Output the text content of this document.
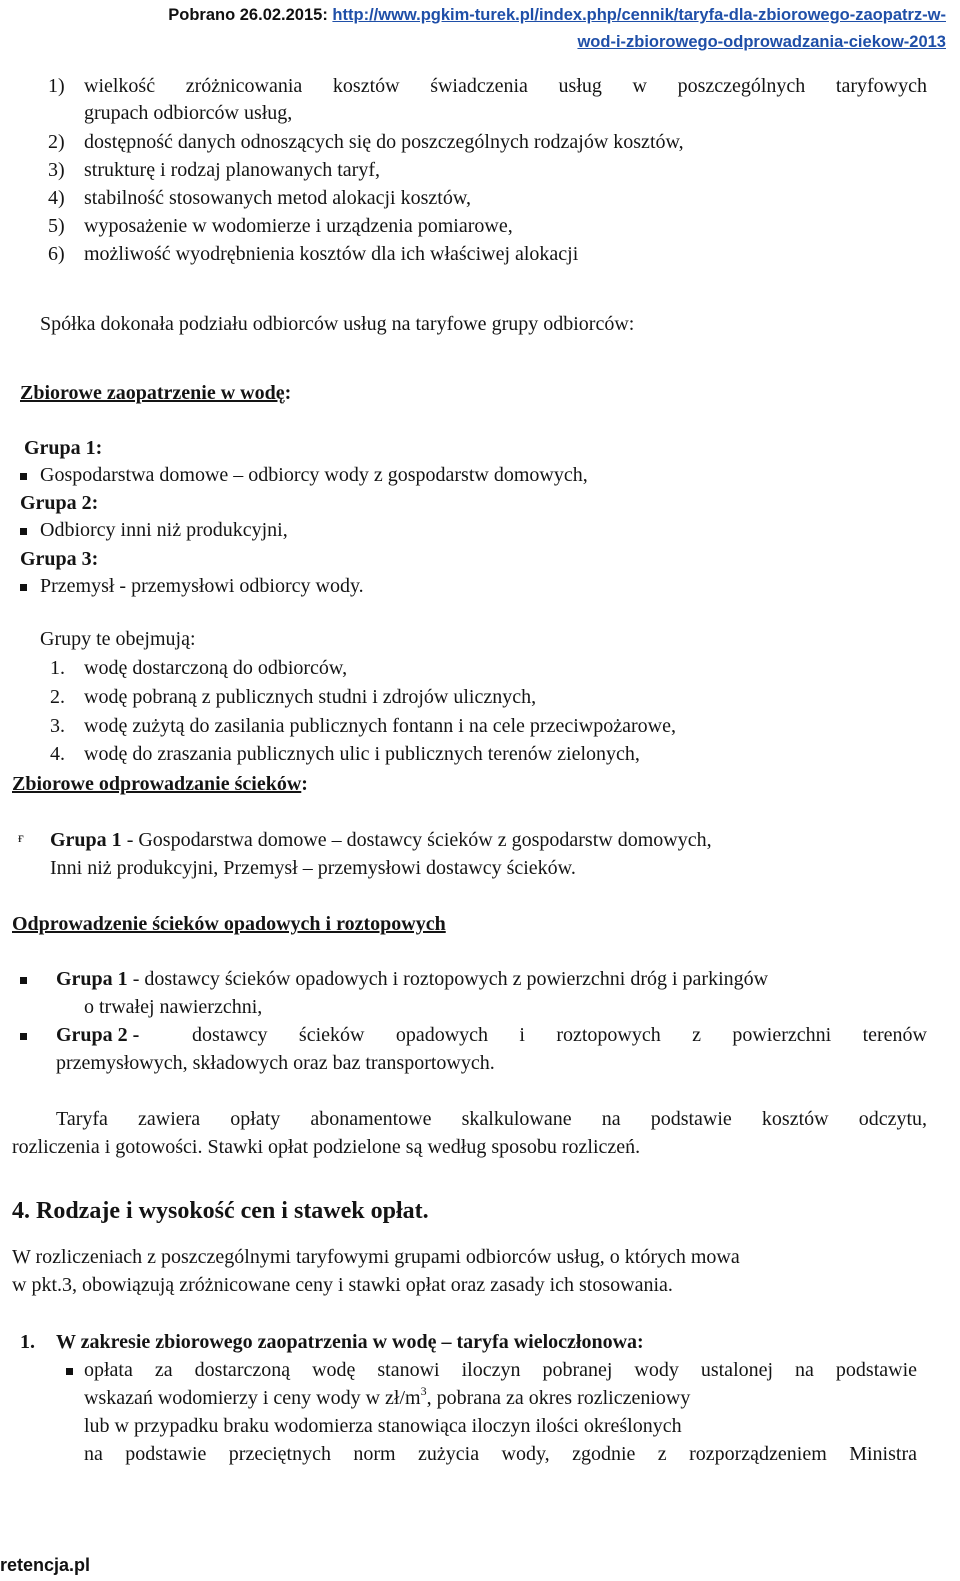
Pobrano 26.02.2015: http://www.pgkim-turek.pl/index.php/cennik/taryfa-dla-zbiorowego-zaopatrz-w-
wod-i-zbiorowego-odprowadzania-ciekow-2013
1) wielkość zróżnicowania kosztów świadczenia usług w poszczególnych taryfowych
grupach odbiorców usług,
2) dostępność danych odnoszących się do poszczególnych rodzajów kosztów,
3) strukturę i rodzaj planowanych taryf,
4) stabilność stosowanych metod alokacji kosztów,
5) wyposażenie w wodomierze i urządzenia pomiarowe,
6) możliwość wyodrębnienia kosztów dla ich właściwej alokacji
Spółka dokonała podziału odbiorców usług na taryfowe grupy odbiorców:
Zbiorowe zaopatrzenie w wodę:
Grupa 1:
Gospodarstwa domowe – odbiorcy wody z gospodarstw domowych,
Grupa 2:
Odbiorcy inni niż produkcyjni,
Grupa 3:
Przemysł - przemysłowi odbiorcy wody.
Grupy te obejmują:
1. wodę dostarczoną do odbiorców,
2. wodę pobraną z publicznych studni i zdrojów ulicznych,
3. wodę zużytą do zasilania publicznych fontann i na cele przeciwpożarowe,
4. wodę do zraszania publicznych ulic i publicznych terenów zielonych,
Zbiorowe odprowadzanie ścieków:
ғ Grupa 1 - Gospodarstwa domowe – dostawcy ścieków z gospodarstw domowych,
Inni niż produkcyjni, Przemysł – przemysłowi dostawcy ścieków.
Odprowadzenie ścieków opadowych i roztopowych
Grupa 1 - dostawcy ścieków opadowych i roztopowych z powierzchni dróg i parkingów
o trwałej nawierzchni,
Grupa 2 -	dostawcy ścieków opadowych i roztopowych z powierzchni terenów
przemysłowych, składowych oraz baz transportowych.
Taryfa zawiera opłaty abonamentowe skalkulowane na podstawie kosztów odczytu,
rozliczenia i gotowości. Stawki opłat podzielone są według sposobu rozliczeń.
4. Rodzaje i wysokość cen i stawek opłat.
W rozliczeniach z poszczególnymi taryfowymi grupami odbiorców usług, o których mowa
w pkt.3, obowiązują zróżnicowane ceny i stawki opłat oraz zasady ich stosowania.
1. W zakresie zbiorowego zaopatrzenia w wodę – taryfa wieloczłonowa:
opłata za dostarczoną wodę stanowi iloczyn pobranej wody ustalonej na podstawie
wskazań wodomierzy i ceny wody w $zł/m^3$, pobrana za okres rozliczeniowy
lub w przypadku braku wodomierza stanowiąca iloczyn ilości określonych
na podstawie przeciętnych norm zużycia wody, zgodnie z rozporządzeniem Ministra
retencja.pl
